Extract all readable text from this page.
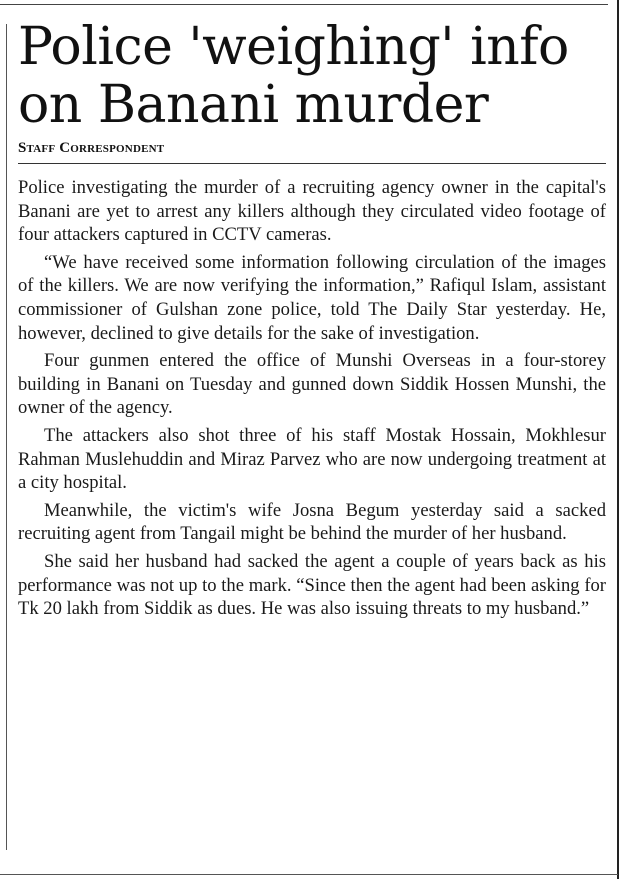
Police 'weighing' info on Banani murder
Staff Correspondent

Police investigating the murder of a recruiting agency owner in the capital's Banani are yet to arrest any killers although they circulated video footage of four attackers captured in CCTV cameras.

“We have received some information following circulation of the images of the killers. We are now verifying the information,” Rafiqul Islam, assistant commissioner of Gulshan zone police, told The Daily Star yesterday. He, however, declined to give details for the sake of investigation.

Four gunmen entered the office of Munshi Overseas in a four-storey building in Banani on Tuesday and gunned down Siddik Hossen Munshi, the owner of the agency.

The attackers also shot three of his staff Mostak Hossain, Mokhlesur Rahman Muslehuddin and Miraz Parvez who are now undergoing treatment at a city hospital.

Meanwhile, the victim's wife Josna Begum yesterday said a sacked recruiting agent from Tangail might be behind the murder of her husband.

She said her husband had sacked the agent a couple of years back as his performance was not up to the mark. “Since then the agent had been asking for Tk 20 lakh from Siddik as dues. He was also issuing threats to my husband.”
